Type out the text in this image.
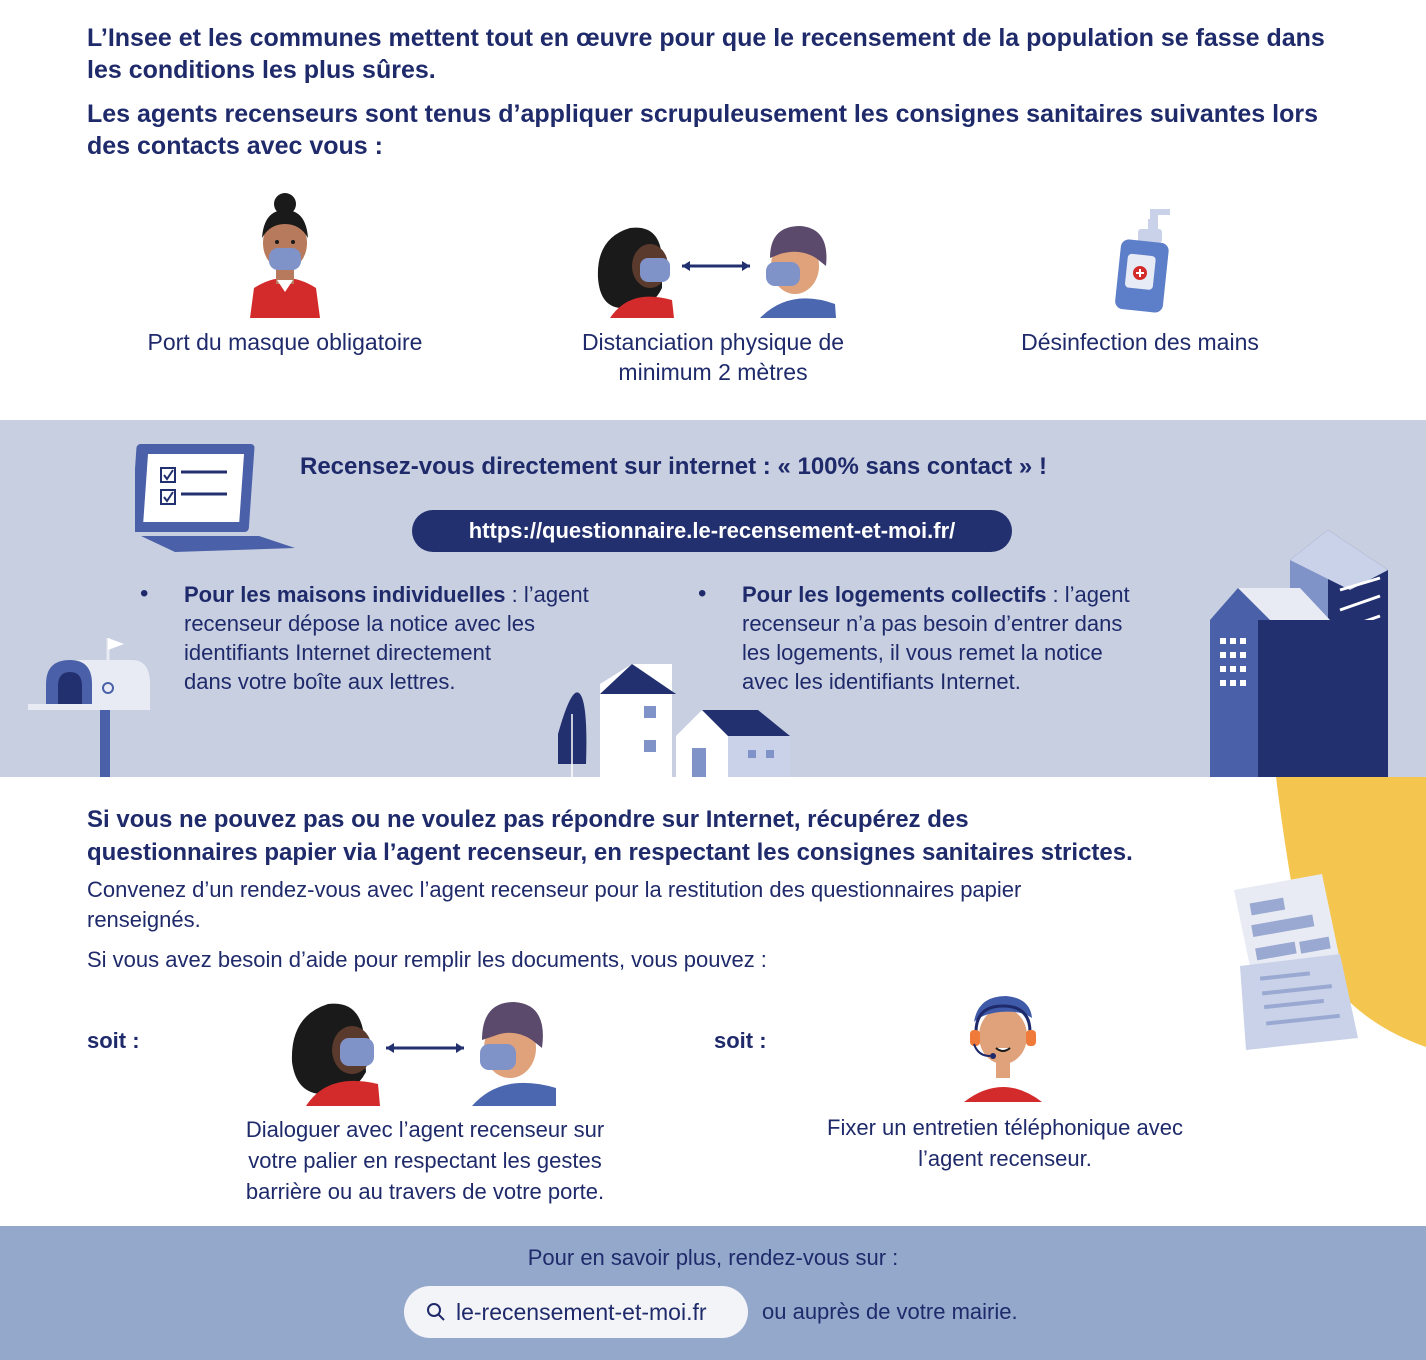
L’Insee et les communes mettent tout en œuvre pour que le recensement de la population se fasse dans les conditions les plus sûres.

Les agents recenseurs sont tenus d’appliquer scrupuleusement les consignes sanitaires suivantes lors des contacts avec vous :

Port du masque obligatoire	Distanciation physique de
minimum 2 mètres
Désinfection des mains
Recensez-vous directement sur internet : « 100% sans contact » !
https://questionnaire.le-recensement-et-moi.fr/
• Pour les maisons individuelles : l’agent
recenseur dépose la notice avec les
identifiants Internet directement
dans votre boîte aux lettres.
• Pour les logements collectifs : l’agent
recenseur n’a pas besoin d’entrer dans
les logements, il vous remet la notice
avec les identifiants Internet.
Si vous ne pouvez pas ou ne voulez pas répondre sur Internet, récupérez des
questionnaires papier via l’agent recenseur, en respectant les consignes sanitaires strictes.
Convenez d’un rendez-vous avec l’agent recenseur pour la restitution des questionnaires papier
renseignés.
Si vous avez besoin d’aide pour remplir les documents, vous pouvez :
soit :	soit :
Dialoguer avec l’agent recenseur sur
votre palier en respectant les gestes
barrière ou au travers de votre porte.
Fixer un entretien téléphonique avec
l’agent recenseur.
Pour en savoir plus, rendez-vous sur :
le-recensement-et-moi.fr	ou auprès de votre mairie.
